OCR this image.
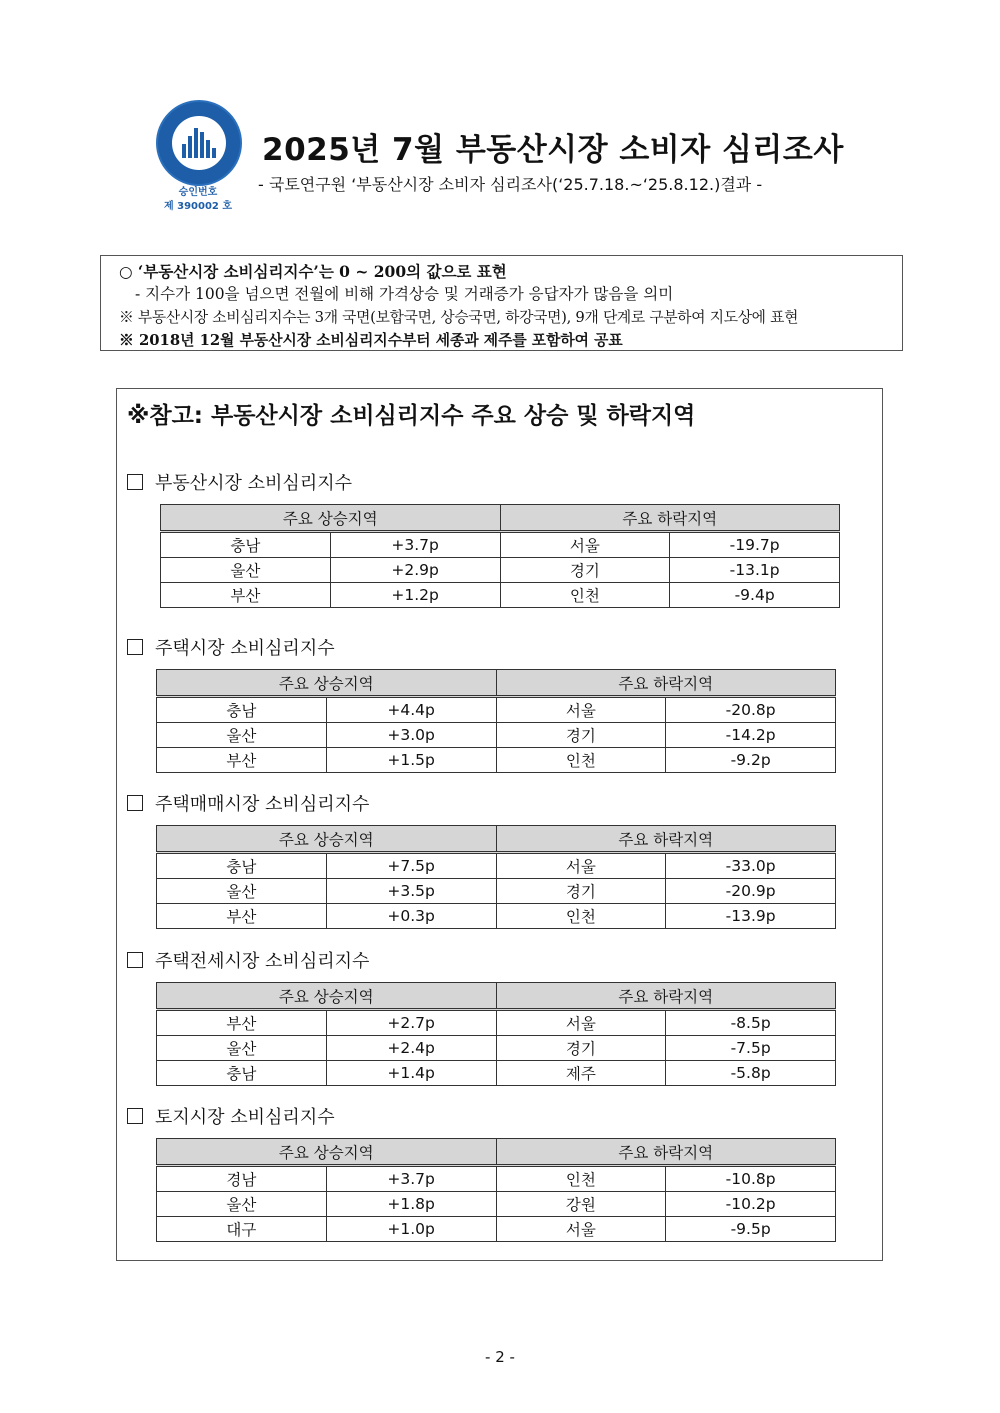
승인번호
제 390002 호
2025년 7월 부동산시장 소비자 심리조사
- 국토연구원 ‘부동산시장 소비자 심리조사(‘25.7.18.~‘25.8.12.)결과 -
○ ‘부동산시장 소비심리지수’는 0 ~ 200의 값으로 표현
- 지수가 100을 넘으면 전월에 비해 가격상승 및 거래증가 응답자가 많음을 의미
※ 부동산시장 소비심리지수는 3개 국면(보합국면, 상승국면, 하강국면), 9개 단계로 구분하여 지도상에 표현
※ 2018년 12월 부동산시장 소비심리지수부터 세종과 제주를 포함하여 공표
※참고: 부동산시장 소비심리지수 주요 상승 및 하락지역
부동산시장 소비심리지수
주요 상승지역		주요 하락지역	
충남	+3.7p	서울	-19.7p
울산	+2.9p	경기	-13.1p
부산	+1.2p	인천	-9.4p
주택시장 소비심리지수
주요 상승지역		주요 하락지역	
충남	+4.4p	서울	-20.8p
울산	+3.0p	경기	-14.2p
부산	+1.5p	인천	-9.2p
주택매매시장 소비심리지수
주요 상승지역		주요 하락지역	
충남	+7.5p	서울	-33.0p
울산	+3.5p	경기	-20.9p
부산	+0.3p	인천	-13.9p
주택전세시장 소비심리지수
주요 상승지역		주요 하락지역	
부산	+2.7p	서울	-8.5p
울산	+2.4p	경기	-7.5p
충남	+1.4p	제주	-5.8p
토지시장 소비심리지수
주요 상승지역		주요 하락지역	
경남	+3.7p	인천	-10.8p
울산	+1.8p	강원	-10.2p
대구	+1.0p	서울	-9.5p
- 2 -
